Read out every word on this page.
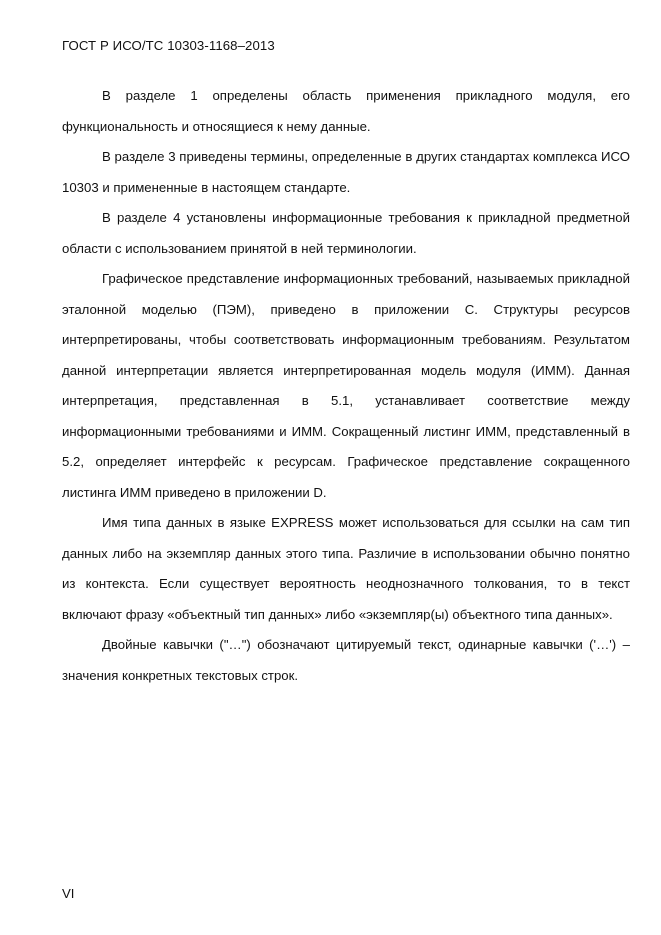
ГОСТ Р ИСО/ТС 10303-1168–2013

В разделе 1 определены область применения прикладного модуля, его функциональность и относящиеся к нему данные.

В разделе 3 приведены термины, определенные в других стандартах комплекса ИСО 10303 и примененные в настоящем стандарте.

В разделе 4 установлены информационные требования к прикладной предметной области с использованием принятой в ней терминологии.

Графическое представление информационных требований, называемых прикладной эталонной моделью (ПЭМ), приведено в приложении С. Структуры ресурсов интерпретированы, чтобы соответствовать информационным требованиям. Результатом данной интерпретации является интерпретированная модель модуля (ИММ). Данная интерпретация, представленная в 5.1, устанавливает соответствие между информационными требованиями и ИММ. Сокращенный листинг ИММ, представленный в 5.2, определяет интерфейс к ресурсам. Графическое представление сокращенного листинга ИММ приведено в приложении D.

Имя типа данных в языке EXPRESS может использоваться для ссылки на сам тип данных либо на экземпляр данных этого типа. Различие в использовании обычно понятно из контекста. Если существует вероятность неоднозначного толкования, то в текст включают фразу «объектный тип данных» либо «экземпляр(ы) объектного типа данных».

Двойные кавычки ("…") обозначают цитируемый текст, одинарные кавычки ('…') – значения конкретных текстовых строк.

VI
